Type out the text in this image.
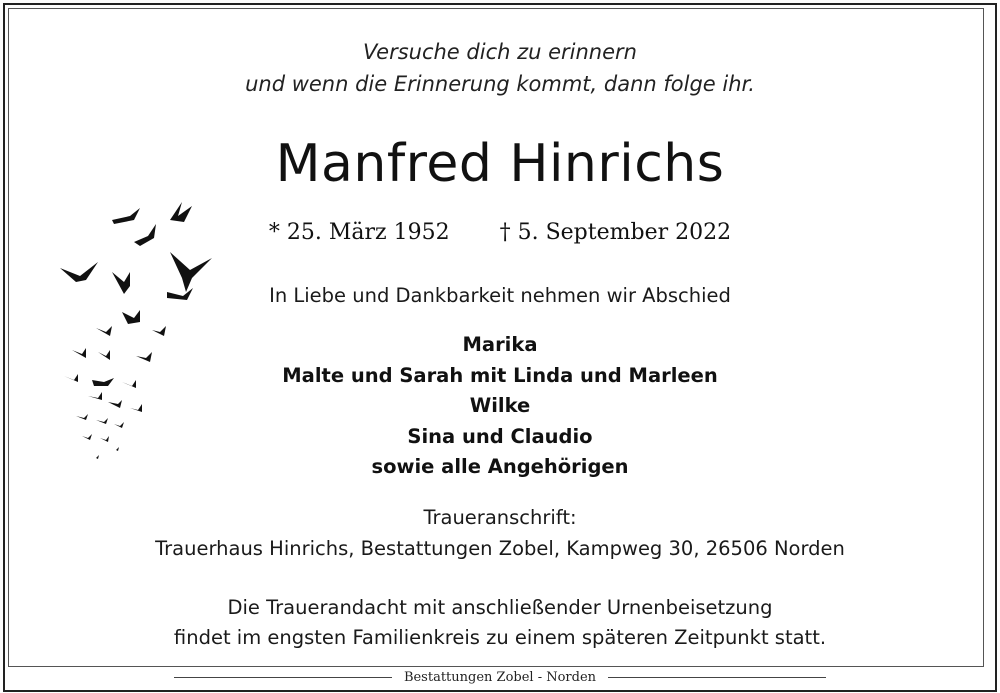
Versuche dich zu erinnern
und wenn die Erinnerung kommt, dann folge ihr.
Manfred Hinrichs
* 25. März 1952 † 5. September 2022
In Liebe und Dankbarkeit nehmen wir Abschied
Marika
Malte und Sarah mit Linda und Marleen
Wilke
Sina und Claudio
sowie alle Angehörigen
Traueranschrift:
Trauerhaus Hinrichs, Bestattungen Zobel, Kampweg 30, 26506 Norden
Die Trauerandacht mit anschließender Urnenbeisetzung
findet im engsten Familienkreis zu einem späteren Zeitpunkt statt.
Bestattungen Zobel - Norden
